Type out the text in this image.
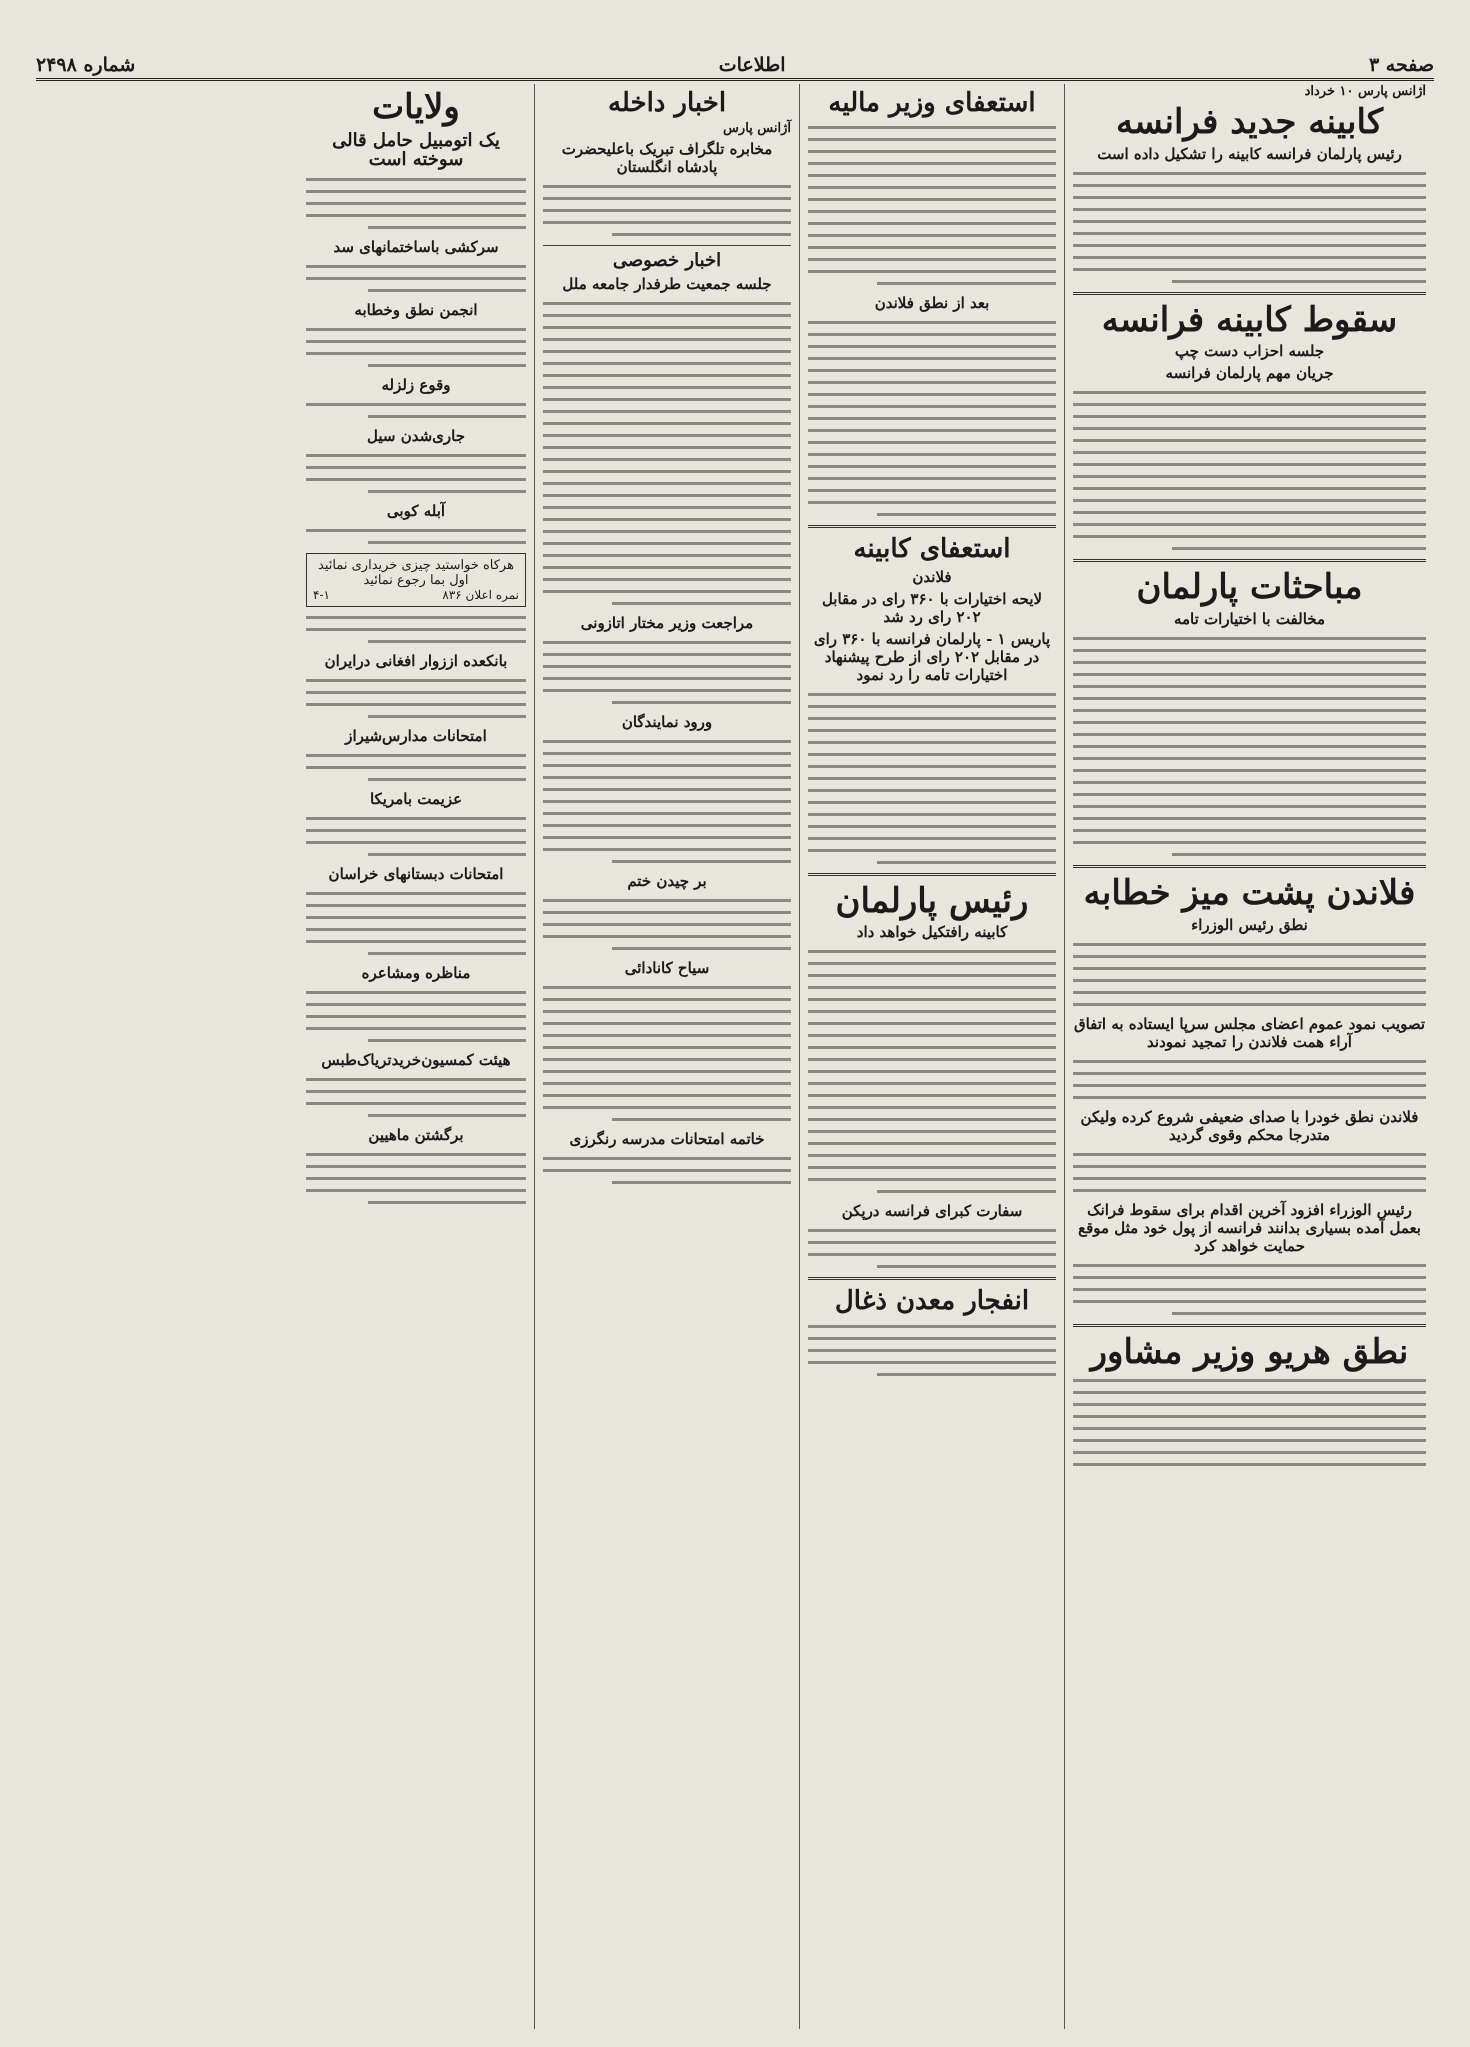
صفحه ۳
اطلاعات
شماره ۲۴۹۸
آژانس پارس ۱۰ خرداد
کابینه جدید فرانسه
رئیس پارلمان فرانسه کابینه را تشکیل داده است
سقوط کابینه فرانسه
جلسه احزاب دست چپ
جریان مهم پارلمان فرانسه
مباحثات پارلمان
مخالفت با اختیارات تامه
فلاندن پشت میز خطابه
نطق رئیس الوزراء
تصویب نمود عموم اعضای مجلس سرپا ایستاده به اتفاق آراء همت فلاندن را تمجید نمودند
فلاندن نطق خودرا با صدای ضعیفی شروع کرده ولیکن متدرجا محکم وقوی گردید
رئیس الوزراء افزود آخرین اقدام برای سقوط فرانک بعمل آمده بسیاری بدانند فرانسه از پول خود مثل موقع حمایت خواهد کرد
نطق هریو وزیر مشاور
استعفای وزیر مالیه
بعد از نطق فلاندن
استعفای کابینه
فلاندن
لایحه اختیارات با ۳۶۰ رای در مقابل ۲۰۲ رای رد شد
پاریس ۱ - پارلمان فرانسه با ۳۶۰ رای در مقابل ۲۰۲ رای از طرح پیشنهاد اختیارات تامه را رد نمود
رئیس پارلمان
کابینه رافتکیل خواهد داد
سفارت کبرای فرانسه درپکن
انفجار معدن ذغال
اخبار داخله
آژانس پارس
مخابره تلگراف تبریک باعلیحضرت پادشاه انگلستان
اخبار خصوصی
جلسه جمعیت طرفدار جامعه ملل
مراجعت وزیر مختار اتازونی
ورود نمایندگان
بر چیدن ختم
سیاح کانادائی
خاتمه امتحانات مدرسه رنگرزی
ولایات
یک اتومبیل حامل قالی سوخته است
سرکشی باساختمانهای سد
انجمن نطق وخطابه
وقوع زلزله
جاری‌شدن سیل
آبله کوبی
هرکاه خواستید چیزی خریداری نمائید اول بما رجوع نمائید
نمره اعلان ۸۳۶
۴-۱
بانکعده اززوار افغانی درایران
امتحانات مدارس‌شیراز
عزیمت بامریکا
امتحانات دبستانهای خراسان
مناظره ومشاعره
هیئت کمسیون‌خریدتریاک‌طبس
برگشتن ماهیین
